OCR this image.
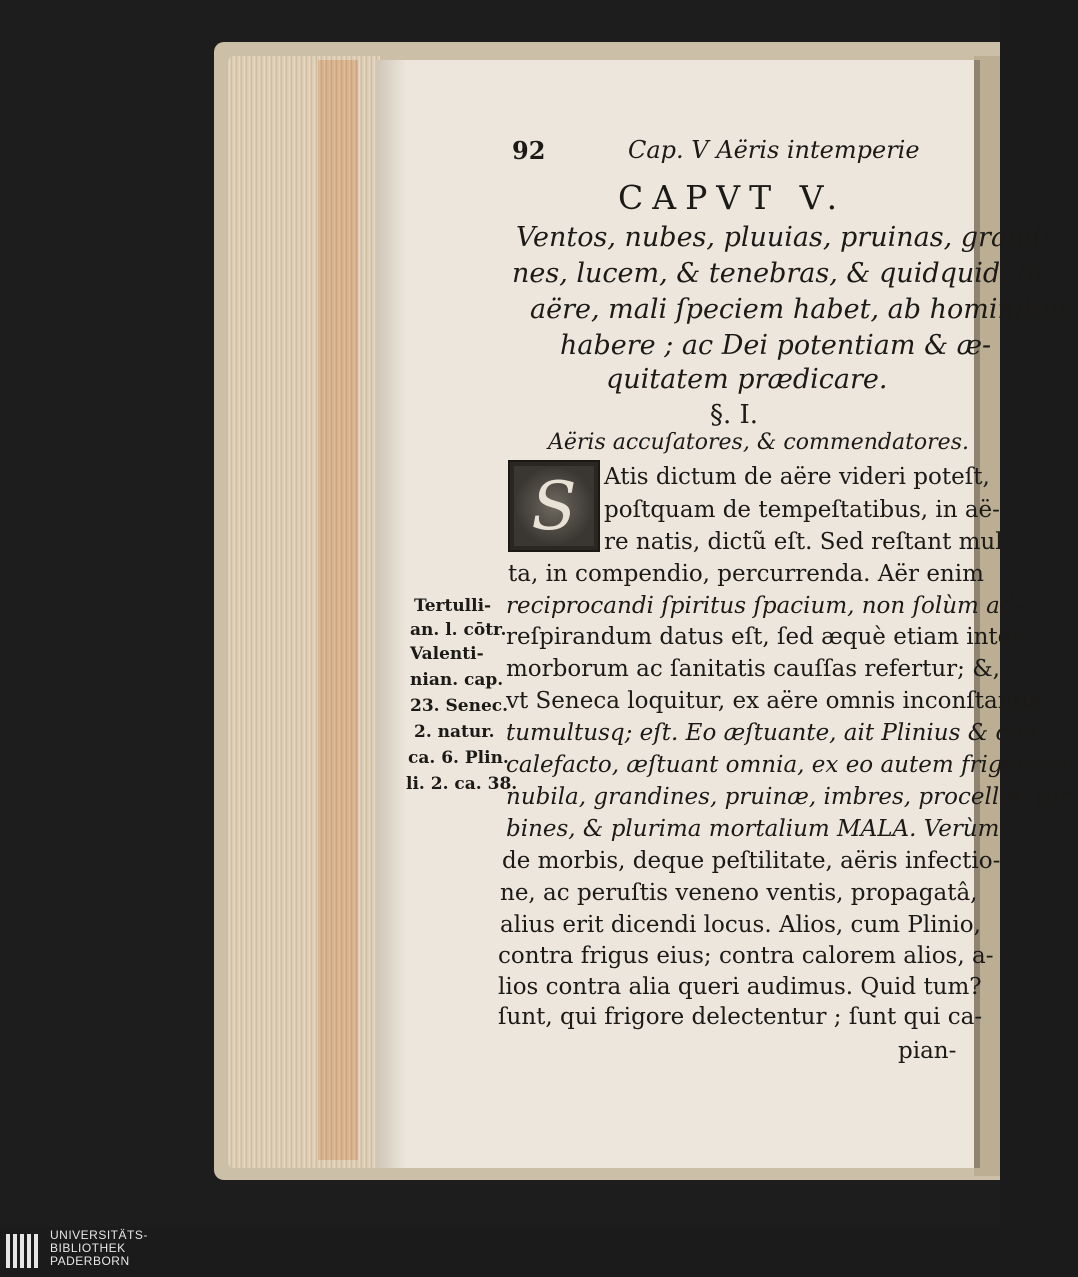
92	Cap. V Aëris intemperie
CAPVT V.
Ventos, nubes, pluuias, pruinas, grandi-
nes, lucem, & tenebras, & quidquid, in
aëre, mali ſpeciem habet, ab hominibus
habere ; ac Dei potentiam & æ-
quitatem prædicare.
§. I.
Aëris accuſatores, & commendatores.
S Atis dictum de aëre videri poteſt,
poſtquam de tempeſtatibus, in aë-
re natis, dictũ eſt. Sed reſtant mul-
ta, in compendio, percurrenda. Aër enim
reciprocandi ſpiritus ſpacium, non ſolùm ad-
reſpirandum datus eſt, ſed æquè etiam inter
morborum ac ſanitatis cauſſas refertur; &,
vt Seneca loquitur, ex aëre omnis inconſtantia
tumultusq; eſt. Eo æſtuante, ait Plinius & con-
calefacto, æſtuant omnia, ex eo autem frigefacto
nubila, grandines, pruinæ, imbres, procellæ, tur-
bines, & plurima mortalium MALA. Verùm
de morbis, deque peſtilitate, aëris infectio-
ne, ac peruſtis veneno ventis, propagatâ,
alius erit dicendi locus. Alios, cum Plinio,
contra frigus eius; contra calorem alios, a-
lios contra alia queri audimus. Quid tum?
ſunt, qui frigore delectentur ; ſunt qui ca-
pian-
Tertulli-
an. l. cōtr.
Valenti-
nian. cap.
23. Senec.
2. natur.
ca. 6. Plin.
li. 2. ca. 38.
UNIVERSITÄTS-
BIBLIOTHEK
PADERBORN
